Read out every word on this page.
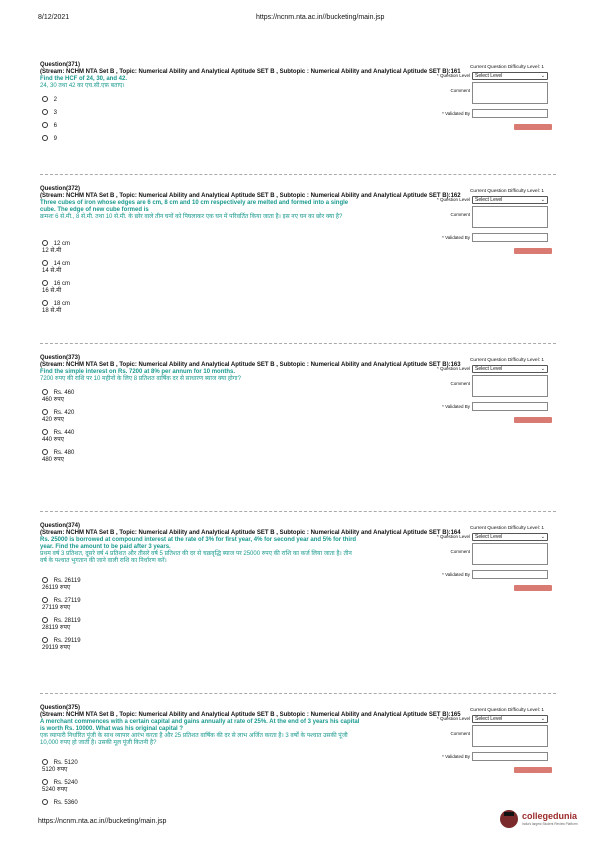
8/12/2021	https://ncnm.nta.ac.in//bucketing/main.jsp
Question(371)
(Stream: NCHM NTA Set B , Topic: Numerical Ability and Analytical Aptitude SET B , Subtopic : Numerical Ability and Analytical Aptitude SET B):161
Current Question Difficulty Level: 1
Find the HCF of 24, 30, and 42.
24, 30 तथा 42 का एच.सी.एफ़ बताए।
2
3
6
9
* Question Level	Select Level	⌄
Comment
* Validated By
SUBMIT
Question(372)
(Stream: NCHM NTA Set B , Topic: Numerical Ability and Analytical Aptitude SET B , Subtopic : Numerical Ability and Analytical Aptitude SET B):162
Current Question Difficulty Level: 1
Three cubes of iron whose edges are 6 cm, 8 cm and 10 cm respectively are melted and formed into a single cube. The edge of new cube formed is
क्रमशः 6 से.मी., 8 से.मी. तथा 10 से.मी. के छोर वाले तीन घनों को पिघलाकर एक घन में परिवर्तित किया जाता है। इस नए घन का छोर क्या है?
12 cm
12 से.मी
14 cm
14 से.मी
16 cm
16 से.मी
18 cm
18 से.मी
* Question Level	Select Level	⌄
Comment
* Validated By
SUBMIT
Question(373)
(Stream: NCHM NTA Set B , Topic: Numerical Ability and Analytical Aptitude SET B , Subtopic : Numerical Ability and Analytical Aptitude SET B):163
Current Question Difficulty Level: 1
Find the simple interest on Rs. 7200 at 8% per annum for 10 months.
7200 रुपए की राशि पर 10 महीनों के लिए 8 प्रतिशत वार्षिक दर से साधारण ब्याज क्या होगा?
Rs. 460
460 रुपए
Rs. 420
420 रुपए
Rs. 440
440 रुपए
Rs. 480
480 रुपए
* Question Level	Select Level	⌄
Comment
* Validated By
SUBMIT
Question(374)
(Stream: NCHM NTA Set B , Topic: Numerical Ability and Analytical Aptitude SET B , Subtopic : Numerical Ability and Analytical Aptitude SET B):164
Current Question Difficulty Level: 1
Rs. 25000 is borrowed at compound interest at the rate of 3% for first year, 4% for second year and 5% for third year. Find the amount to be paid after 3 years.
प्रथम वर्ष 3 प्रतिशत, दूसरे वर्ष 4 प्रतिशत और तीसरे वर्ष 5 प्रतिशत की दर से चक्रवृद्धि ब्याज पर 25000 रुपए की राशि का कर्ज लिया जाता है। तीन वर्ष के पश्चात भुगतान की जाने वाली राशि का निर्धारण करें।
Rs. 26119
26119 रुपए
Rs. 27119
27119 रुपए
Rs. 28119
28119 रुपए
Rs. 29119
29119 रुपए
* Question Level	Select Level	⌄
Comment
* Validated By
SUBMIT
Question(375)
(Stream: NCHM NTA Set B , Topic: Numerical Ability and Analytical Aptitude SET B , Subtopic : Numerical Ability and Analytical Aptitude SET B):165
Current Question Difficulty Level: 1
A merchant commences with a certain capital and gains annually at rate of 25%. At the end of 3 years his capital is worth Rs. 10000. What was his original capital ?
एक व्यापारी निर्धारित पूंजी के साथ व्यापार आरंभ करता है और 25 प्रतिशत वार्षिक की दर से लाभ अर्जित करता है। 3 वर्षों के पश्चात उसकी पूंजी 10,000 रुपए हो जाती है। उसकी मूल पूंजी कितनी है?
Rs. 5120
5120 रुपए
Rs. 5240
5240 रुपए
Rs. 5360
* Question Level	Select Level	⌄
Comment
* Validated By
SUBMIT
https://ncnm.nta.ac.in//bucketing/main.jsp
collegedunia
India's largest Student Review Platform
